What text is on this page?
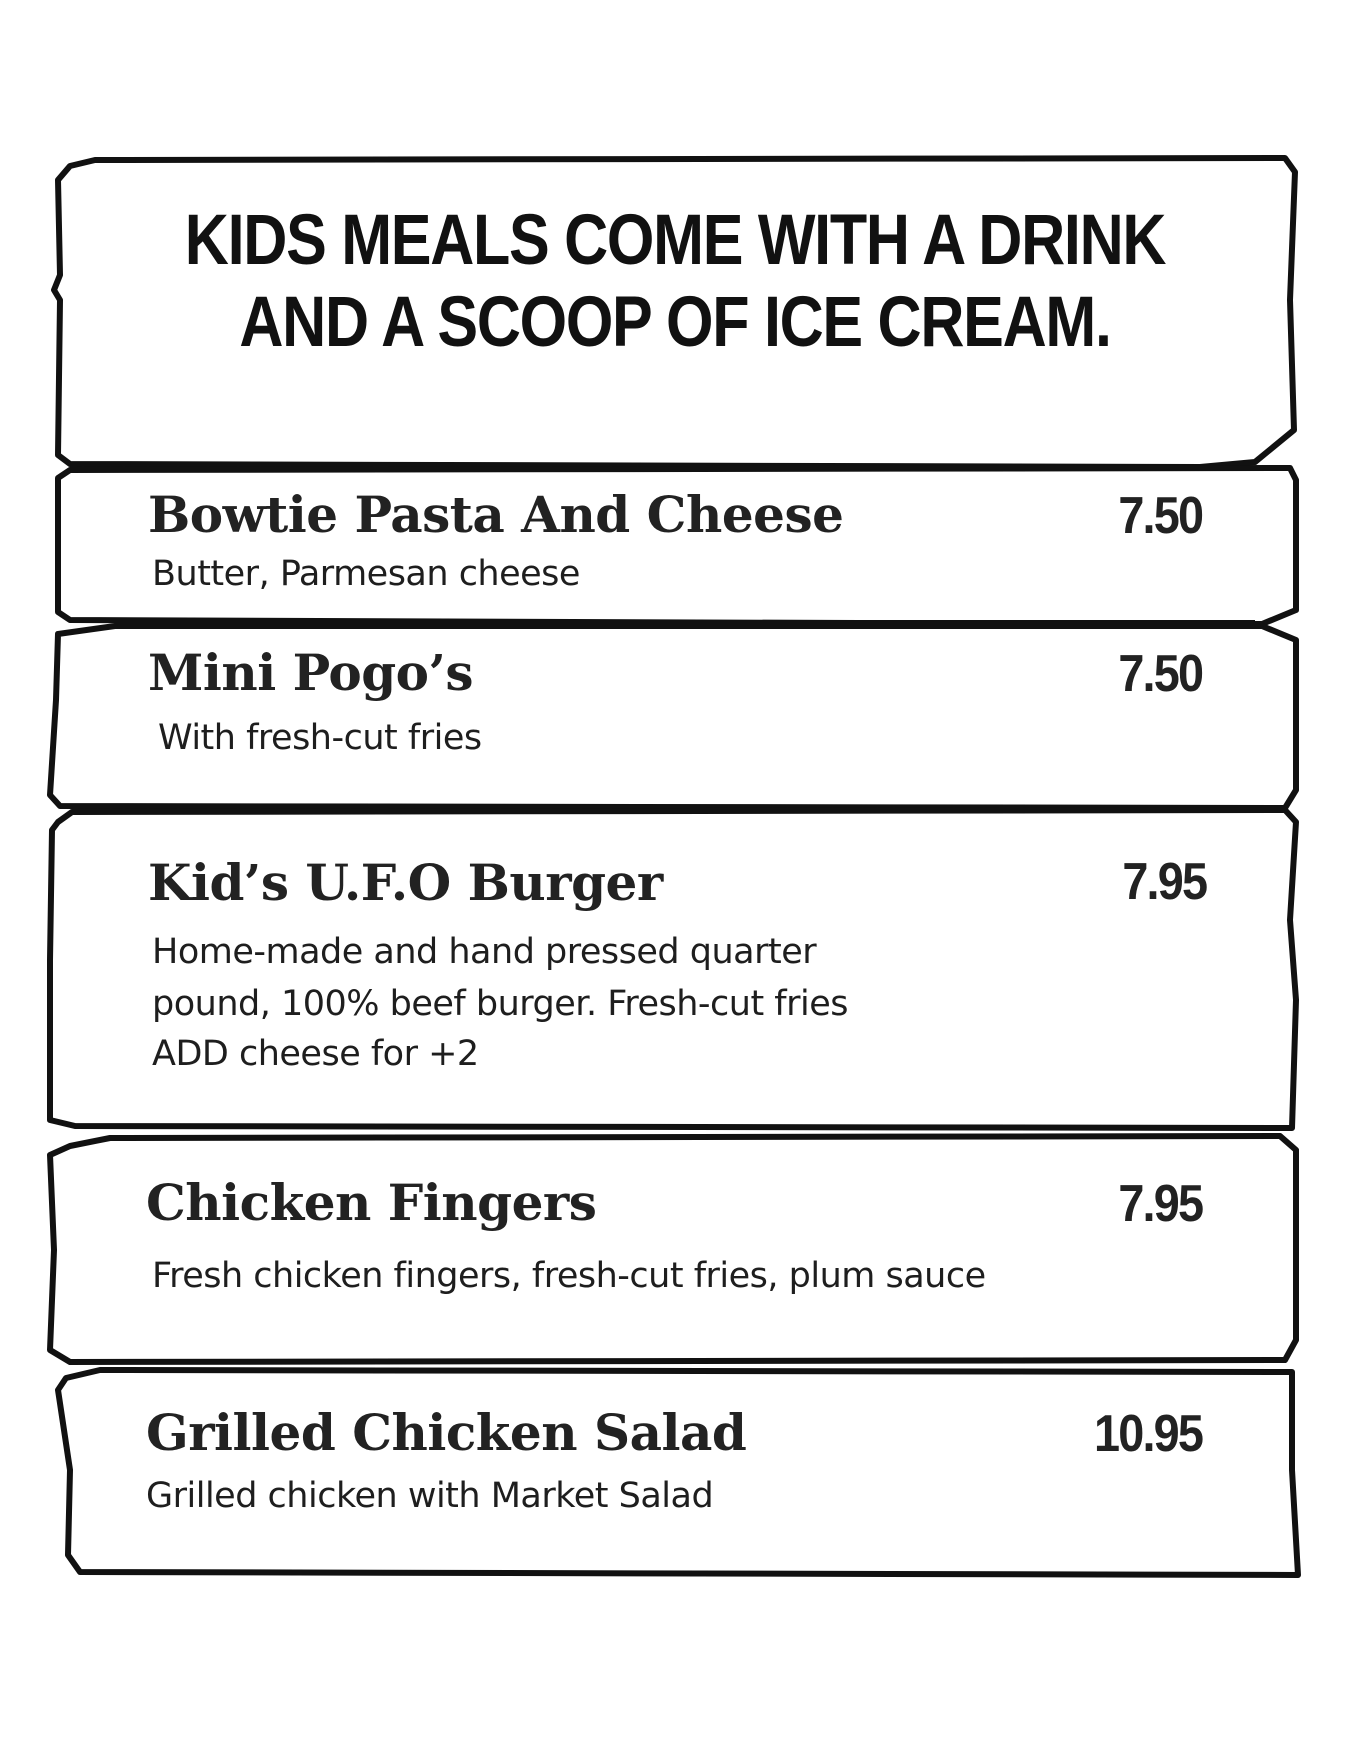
KIDS MEALS COME WITH A DRINK
AND A SCOOP OF ICE CREAM.
Bowtie Pasta And Cheese	7.50
Butter, Parmesan cheese
Mini Pogo’s	7.50
With fresh-cut fries
Kid’s U.F.O Burger	7.95
Home-made and hand pressed quarter
pound, 100% beef burger. Fresh-cut fries
ADD cheese for +2
Chicken Fingers	7.95
Fresh chicken fingers, fresh-cut fries, plum sauce
Grilled Chicken Salad	10.95
Grilled chicken with Market Salad
